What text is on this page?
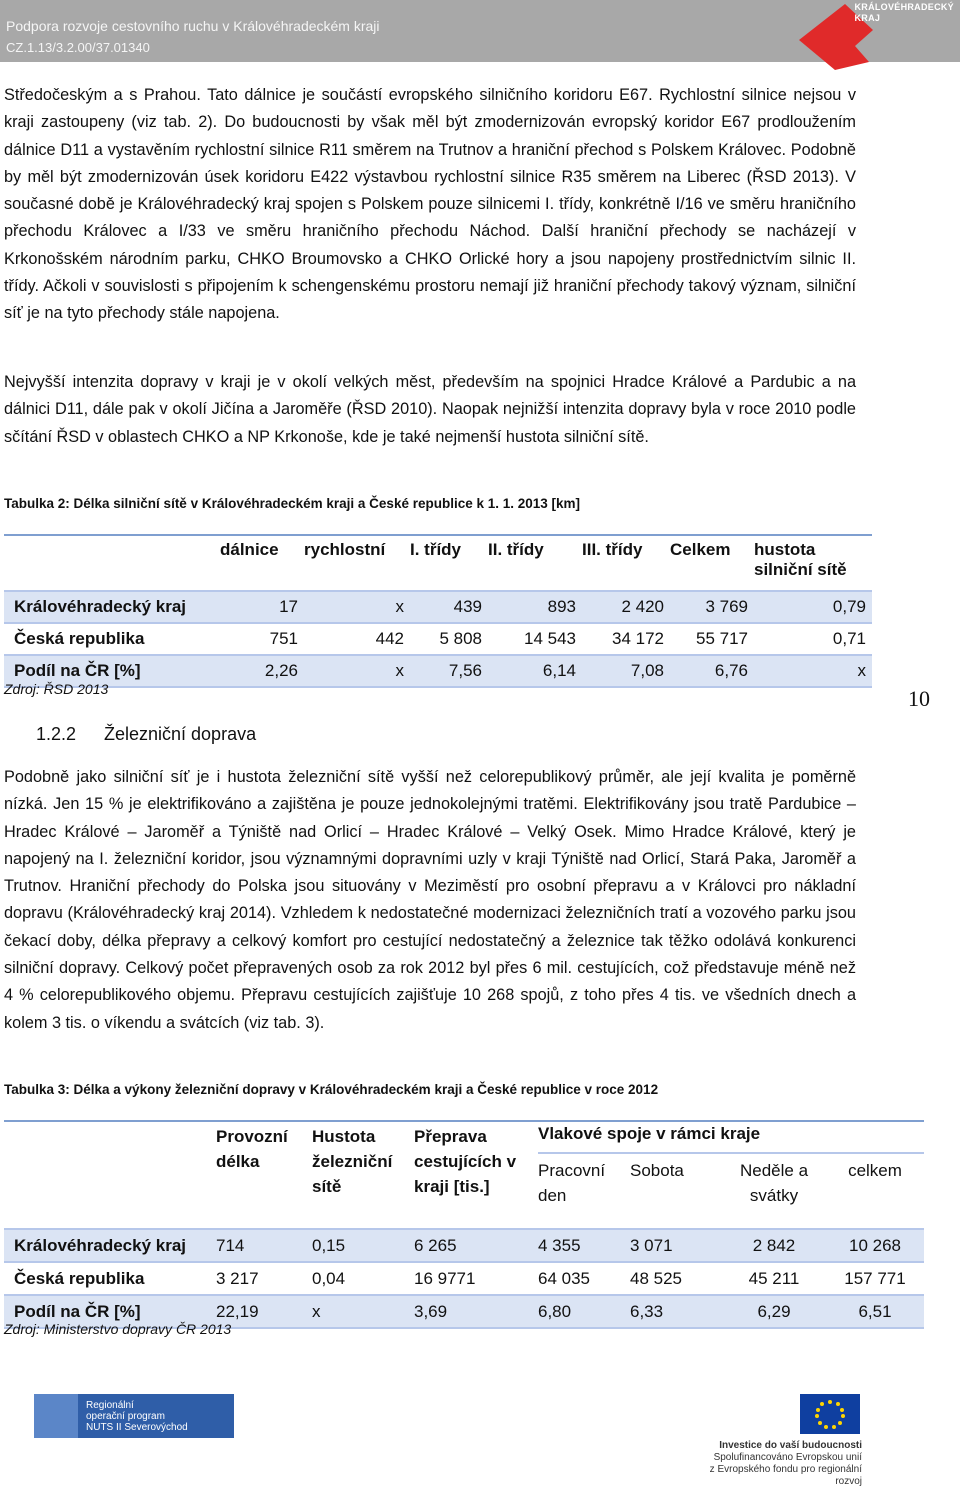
Podpora rozvoje cestovního ruchu v Královéhradeckém kraji
CZ.1.13/3.2.00/37.01340
KRÁLOVÉHRADECKÝ
KRAJ
Středočeským a s Prahou. Tato dálnice je součástí evropského silničního koridoru E67. Rychlostní silnice nejsou v kraji zastoupeny (viz tab. 2). Do budoucnosti by však měl být zmodernizován evropský koridor E67 prodloužením dálnice D11 a vystavěním rychlostní silnice R11 směrem na Trutnov a hraniční přechod s Polskem Královec. Podobně by měl být zmodernizován úsek koridoru E422 výstavbou rychlostní silnice R35 směrem na Liberec (ŘSD 2013). V současné době je Královéhradecký kraj spojen s Polskem pouze silnicemi I. třídy, konkrétně I/16 ve směru hraničního přechodu Královec a I/33 ve směru hraničního přechodu Náchod. Další hraniční přechody se nacházejí v Krkonošském národním parku, CHKO Broumovsko a CHKO Orlické hory a jsou napojeny prostřednictvím silnic II. třídy. Ačkoli v souvislosti s připojením k schengenskému prostoru nemají již hraniční přechody takový význam, silniční síť je na tyto přechody stále napojena.
Nejvyšší intenzita dopravy v kraji je v okolí velkých měst, především na spojnici Hradce Králové a Pardubic a na dálnici D11, dále pak v okolí Jičína a Jaroměře (ŘSD 2010). Naopak nejnižší intenzita dopravy byla v roce 2010 podle sčítání ŘSD v oblastech CHKO a NP Krkonoše, kde je také nejmenší hustota silniční sítě.
Tabulka 2: Délka silniční sítě v Královéhradeckém kraji a České republice k 1. 1. 2013 [km]
	dálnice	rychlostní	I. třídy	II. třídy	III. třídy	Celkem	hustota silniční sítě
Královéhradecký kraj	17	x	439	893	2 420	3 769	0,79
Česká republika	751	442	5 808	14 543	34 172	55 717	0,71
Podíl na ČR [%]	2,26	x	7,56	6,14	7,08	6,76	x
Zdroj: ŘSD 2013	10
1.2.2 Železniční doprava
Podobně jako silniční síť je i hustota železniční sítě vyšší než celorepublikový průměr, ale její kvalita je poměrně nízká. Jen 15 % je elektrifikováno a zajištěna je pouze jednokolejnými tratěmi. Elektrifikovány jsou tratě Pardubice – Hradec Králové – Jaroměř a Týniště nad Orlicí – Hradec Králové – Velký Osek. Mimo Hradce Králové, který je napojený na I. železniční koridor, jsou významnými dopravními uzly v kraji Týniště nad Orlicí, Stará Paka, Jaroměř a Trutnov. Hraniční přechody do Polska jsou situovány v Meziměstí pro osobní přepravu a v Královci pro nákladní dopravu (Královéhradecký kraj 2014). Vzhledem k nedostatečné modernizaci železničních tratí a vozového parku jsou čekací doby, délka přepravy a celkový komfort pro cestující nedostatečný a železnice tak těžko odolává konkurenci silniční dopravy. Celkový počet přepravených osob za rok 2012 byl přes 6 mil. cestujících, což představuje méně než 4 % celorepublikového objemu. Přepravu cestujících zajišťuje 10 268 spojů, z toho přes 4 tis. ve všedních dnech a kolem 3 tis. o víkendu a svátcích (viz tab. 3).
Tabulka 3: Délka a výkony železniční dopravy v Královéhradeckém kraji a České republice v roce 2012
	Provozní délka	Hustota železniční sítě	Přeprava cestujících v kraji [tis.]	Vlakové spoje v rámci kraje			
				Pracovní den	Sobota	Neděle a svátky	celkem
Královéhradecký kraj	714	0,15	6 265	4 355	3 071	2 842	10 268
Česká republika	3 217	0,04	16 9771	64 035	48 525	45 211	157 771
Podíl na ČR [%]	22,19	x	3,69	6,80	6,33	6,29	6,51
Zdroj: Ministerstvo dopravy ČR 2013
Regionální
operační program
NUTS II Severovýchod
Investice do vaší budoucnosti
Spolufinancováno Evropskou unií
z Evropského fondu pro regionální rozvoj
